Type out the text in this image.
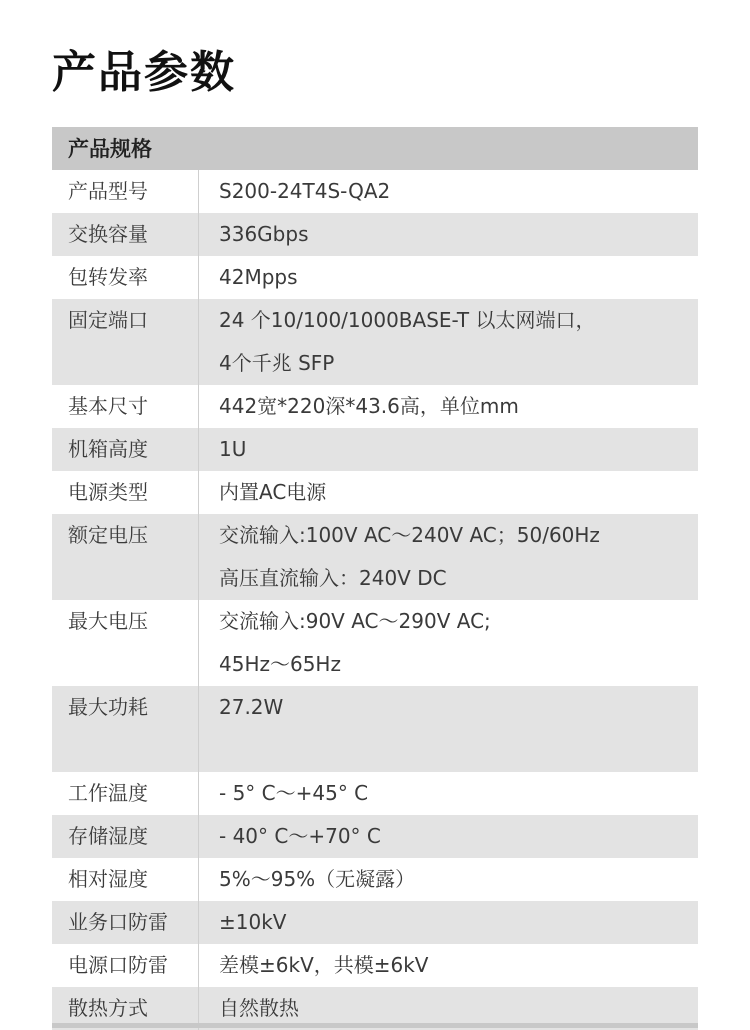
产品参数
产品规格
产品型号	S200-24T4S-QA2
交换容量	336Gbps
包转发率	42Mpps
固定端口	24 个10/100/1000BASE-T 以太网端口，
4个千兆 SFP
基本尺寸	442宽*220深*43.6高，单位mm
机箱高度	1U
电源类型	内置AC电源
额定电压	交流输入:100V AC～240V AC；50/60Hz
高压直流输入：240V DC
最大电压	交流输入:90V AC～290V AC;
45Hz～65Hz
最大功耗	27.2W

工作温度	- 5° C～+45° C
存储湿度	- 40° C～+70° C
相对湿度	5%～95%（无凝露）
业务口防雷	±10kV
电源口防雷	差模±6kV，共模±6kV
散热方式	自然散热
